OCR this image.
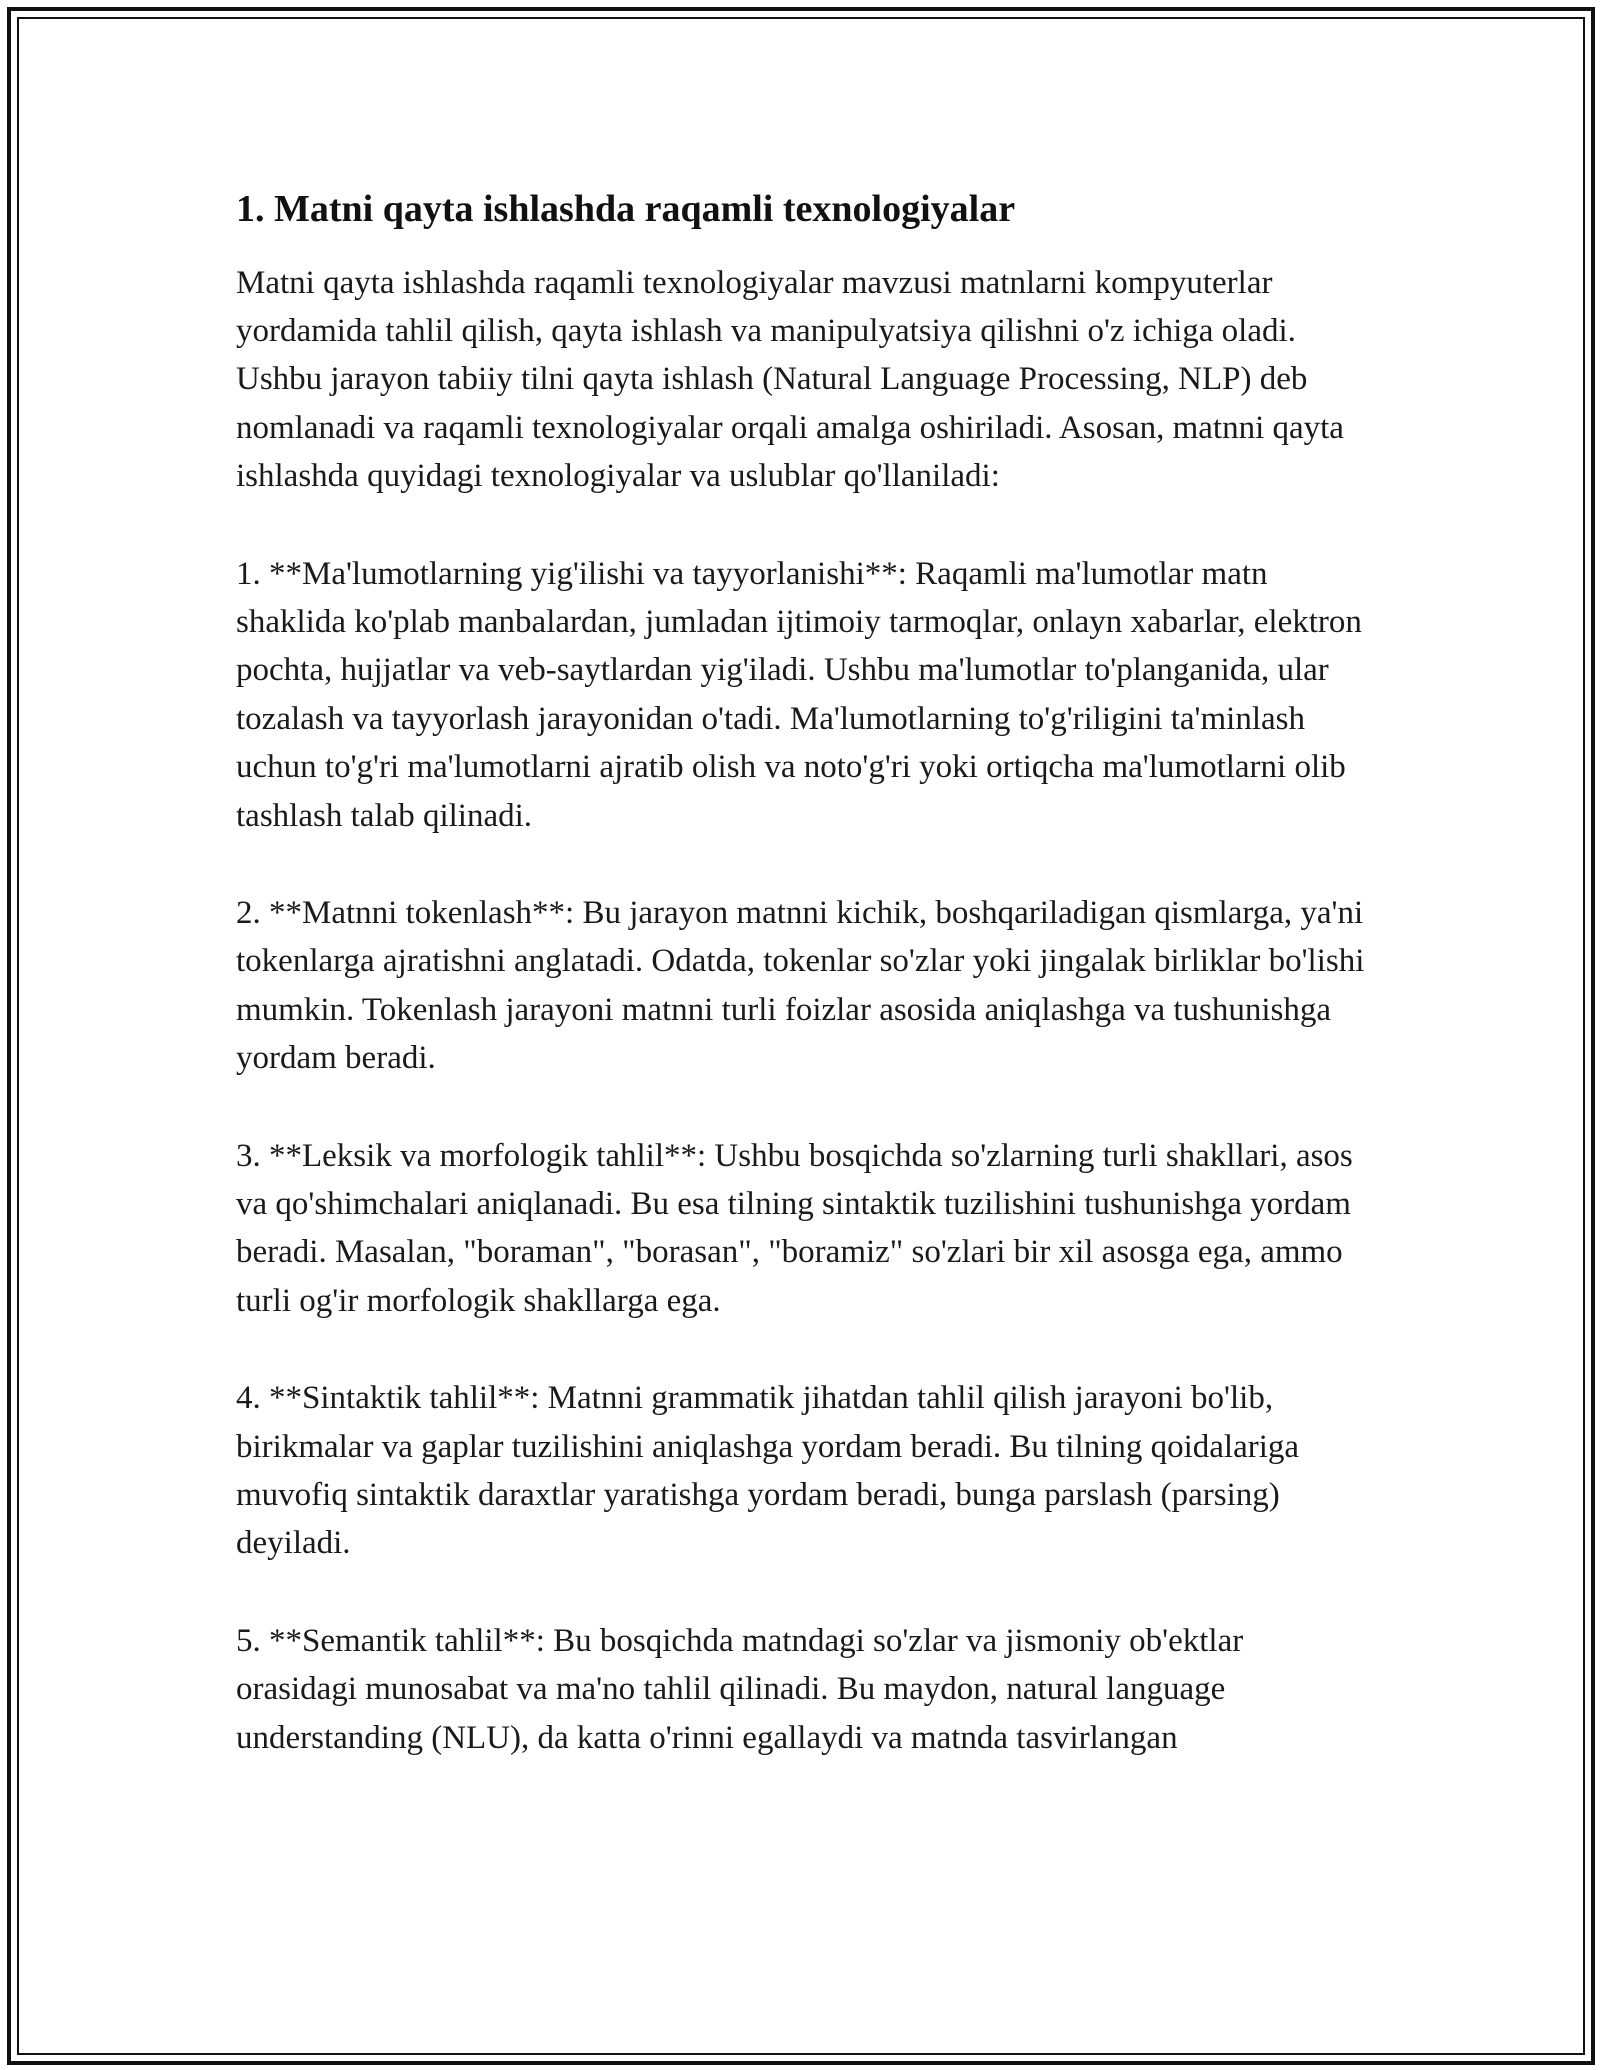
1. Matni qayta ishlashda raqamli texnologiyalar

Matni qayta ishlashda raqamli texnologiyalar mavzusi matnlarni kompyuterlar yordamida tahlil qilish, qayta ishlash va manipulyatsiya qilishni o'z ichiga oladi. Ushbu jarayon tabiiy tilni qayta ishlash (Natural Language Processing, NLP) deb nomlanadi va raqamli texnologiyalar orqali amalga oshiriladi. Asosan, matnni qayta ishlashda quyidagi texnologiyalar va uslublar qo'llaniladi:

1. **Ma'lumotlarning yig'ilishi va tayyorlanishi**: Raqamli ma'lumotlar matn shaklida ko'plab manbalardan, jumladan ijtimoiy tarmoqlar, onlayn xabarlar, elektron pochta, hujjatlar va veb-saytlardan yig'iladi. Ushbu ma'lumotlar to'planganida, ular tozalash va tayyorlash jarayonidan o'tadi. Ma'lumotlarning to'g'riligini ta'minlash uchun to'g'ri ma'lumotlarni ajratib olish va noto'g'ri yoki ortiqcha ma'lumotlarni olib tashlash talab qilinadi.

2. **Matnni tokenlash**: Bu jarayon matnni kichik, boshqariladigan qismlarga, ya'ni tokenlarga ajratishni anglatadi. Odatda, tokenlar so'zlar yoki jingalak birliklar bo'lishi mumkin. Tokenlash jarayoni matnni turli foizlar asosida aniqlashga va tushunishga yordam beradi.

3. **Leksik va morfologik tahlil**: Ushbu bosqichda so'zlarning turli shakllari, asos va qo'shimchalari aniqlanadi. Bu esa tilning sintaktik tuzilishini tushunishga yordam beradi. Masalan, "boraman", "borasan", "boramiz" so'zlari bir xil asosga ega, ammo turli og'ir morfologik shakllarga ega.

4. **Sintaktik tahlil**: Matnni grammatik jihatdan tahlil qilish jarayoni bo'lib, birikmalar va gaplar tuzilishini aniqlashga yordam beradi. Bu tilning qoidalariga muvofiq sintaktik daraxtlar yaratishga yordam beradi, bunga parslash (parsing) deyiladi.

5. **Semantik tahlil**: Bu bosqichda matndagi so'zlar va jismoniy ob'ektlar orasidagi munosabat va ma'no tahlil qilinadi. Bu maydon, natural language understanding (NLU), da katta o'rinni egallaydi va matnda tasvirlangan
